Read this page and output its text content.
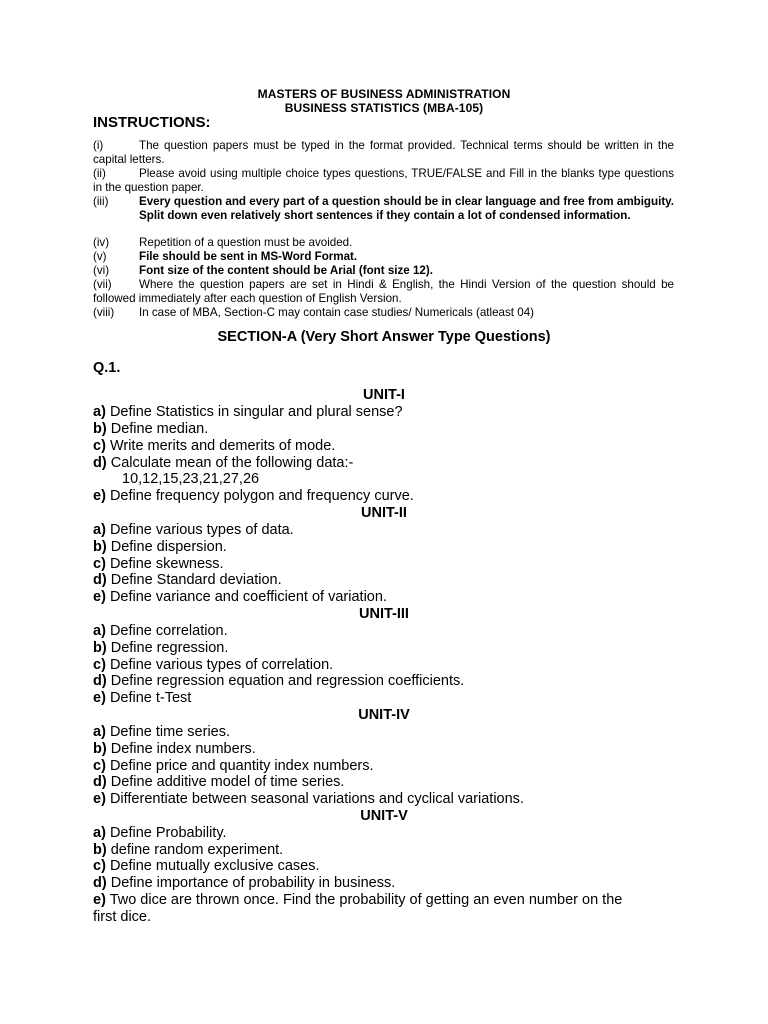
MASTERS OF BUSINESS ADMINISTRATION
BUSINESS STATISTICS (MBA-105)
INSTRUCTIONS:
(i)	The question papers must be typed in the format provided. Technical terms should be written in the capital letters.
(ii)	Please avoid using multiple choice types questions, TRUE/FALSE and Fill in the blanks type questions in the question paper.
(iii)	Every question and every part of a question should be in clear language and free from ambiguity. Split down even relatively short sentences if they contain a lot of condensed information.
(iv)	Repetition of a question must be avoided.
(v)	File should be sent in MS-Word Format.
(vi)	Font size of the content should be Arial (font size 12).
(vii) Where the question papers are set in Hindi & English, the Hindi Version of the question should be followed immediately after each question of English Version.
(viii) In case of MBA, Section-C may contain case studies/ Numericals (atleast 04)
SECTION-A (Very Short Answer Type Questions)
Q.1.
UNIT-I
a) Define Statistics in singular and plural sense?
b) Define median.
c) Write merits and demerits of mode.
d) Calculate mean of the following data:-
10,12,15,23,21,27,26
e) Define frequency polygon and frequency curve.
UNIT-II
a) Define various types of data.
b) Define dispersion.
c) Define skewness.
d) Define Standard deviation.
e) Define variance and coefficient of variation.
UNIT-III
a) Define correlation.
b) Define regression.
c) Define various types of correlation.
d) Define regression equation and regression coefficients.
e) Define t-Test
UNIT-IV
a) Define time series.
b) Define index numbers.
c) Define price and quantity index numbers.
d) Define additive model of time series.
e) Differentiate between seasonal variations and cyclical variations.
UNIT-V
a) Define Probability.
b) define random experiment.
c) Define mutually exclusive cases.
d) Define importance of probability in business.
e) Two dice are thrown once. Find the probability of getting an even number on the first dice.
